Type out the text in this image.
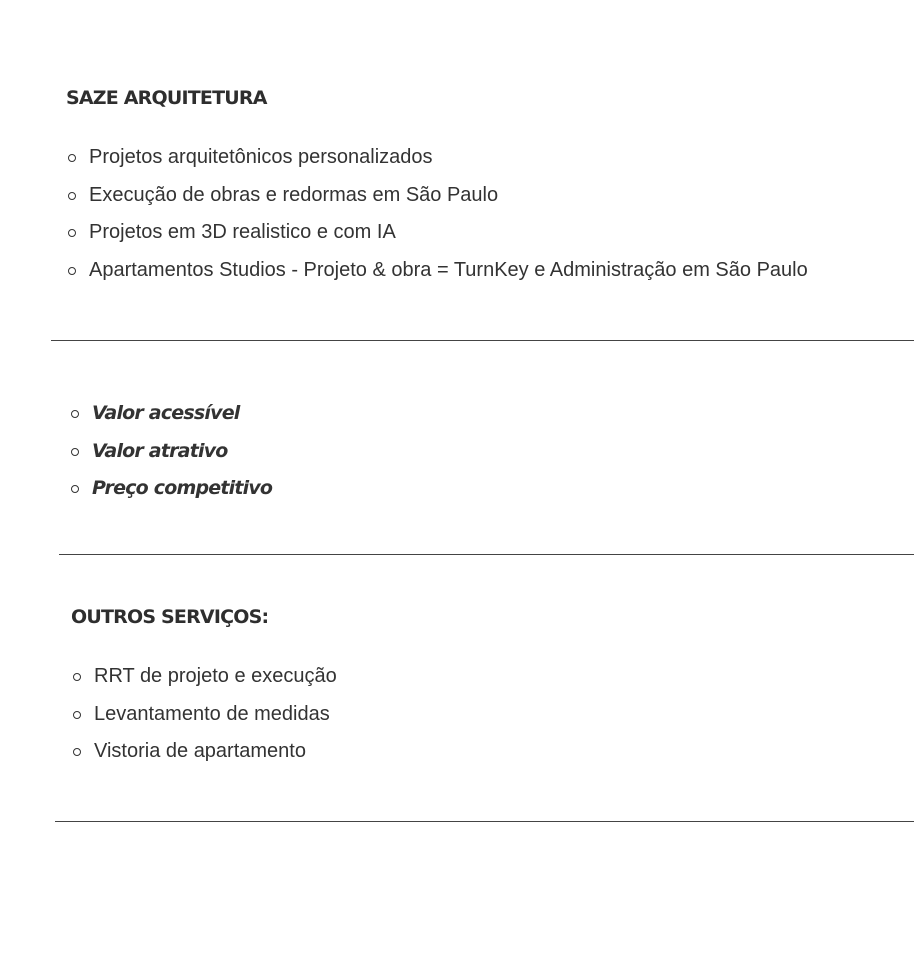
SAZE ARQUITETURA
Projetos arquitetônicos personalizados
Execução de obras e redormas em São Paulo
Projetos em 3D realistico e com IA
Apartamentos Studios - Projeto & obra = TurnKey e Administração em São Paulo
Valor acessível
Valor atrativo
Preço competitivo
OUTROS SERVIÇOS:
RRT de projeto e execução
Levantamento de medidas
Vistoria de apartamento
